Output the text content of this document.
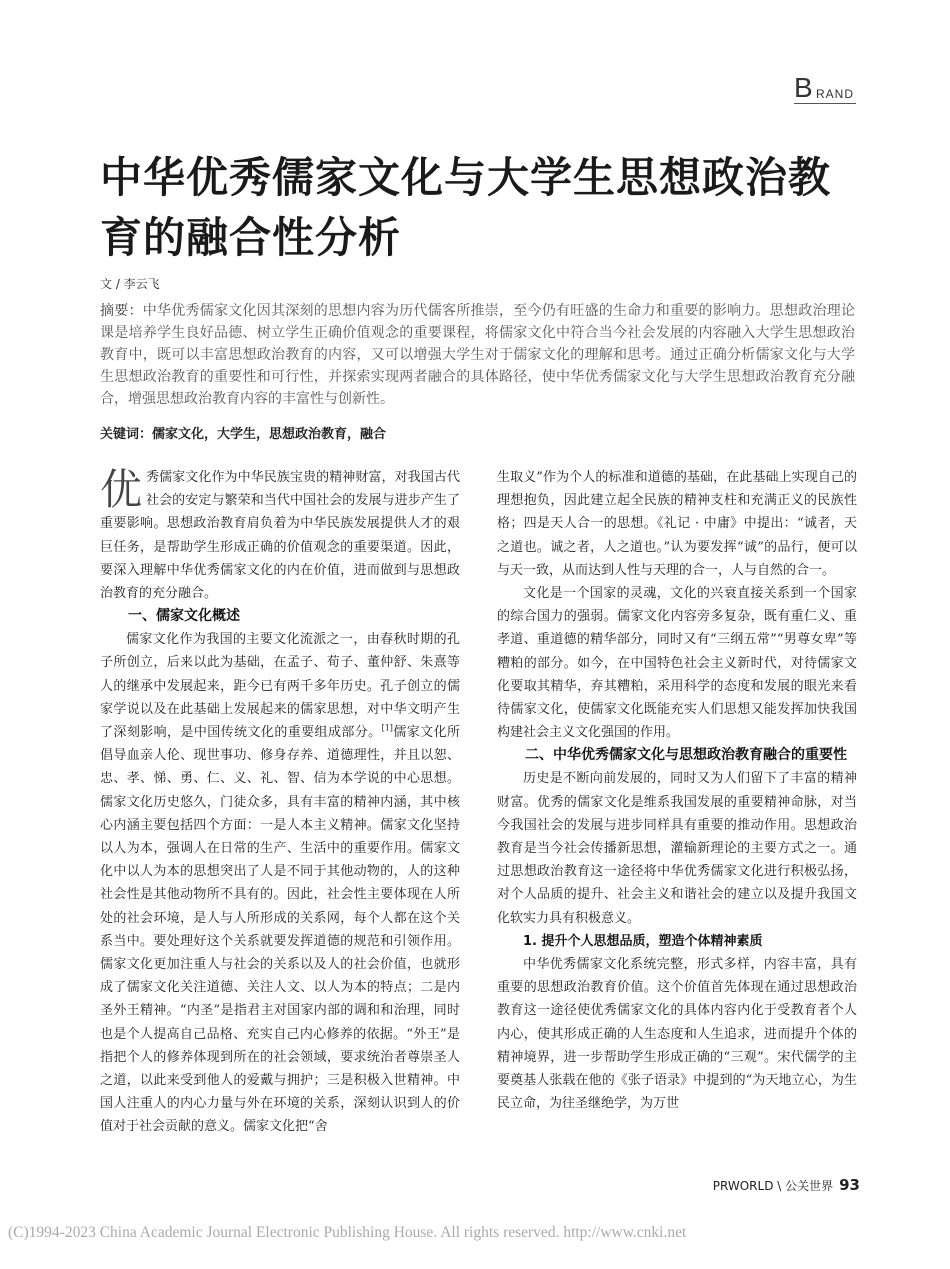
B RAND
中华优秀儒家文化与大学生思想政治教育的融合性分析
文 / 李云飞

摘要：中华优秀儒家文化因其深刻的思想内容为历代儒客所推崇，至今仍有旺盛的生命力和重要的影响力。思想政治理论课是培养学生良好品德、树立学生正确价值观念的重要课程，将儒家文化中符合当今社会发展的内容融入大学生思想政治教育中，既可以丰富思想政治教育的内容，又可以增强大学生对于儒家文化的理解和思考。通过正确分析儒家文化与大学生思想政治教育的重要性和可行性，并探索实现两者融合的具体路径，使中华优秀儒家文化与大学生思想政治教育充分融合，增强思想政治教育内容的丰富性与创新性。

关键词：儒家文化，大学生，思想政治教育，融合

优秀儒家文化作为中华民族宝贵的精神财富，对我国古代社会的安定与繁荣和当代中国社会的发展与进步产生了重要影响。思想政治教育肩负着为中华民族发展提供人才的艰巨任务，是帮助学生形成正确的价值观念的重要渠道。因此，要深入理解中华优秀儒家文化的内在价值，进而做到与思想政治教育的充分融合。

一、儒家文化概述

儒家文化作为我国的主要文化流派之一，由春秋时期的孔子所创立，后来以此为基础，在孟子、荀子、董仲舒、朱熹等人的继承中发展起来，距今已有两千多年历史。孔子创立的儒家学说以及在此基础上发展起来的儒家思想，对中华文明产生了深刻影响，是中国传统文化的重要组成部分。[1]儒家文化所倡导血亲人伦、现世事功、修身存养、道德理性，并且以恕、忠、孝、悌、勇、仁、义、礼、智、信为本学说的中心思想。儒家文化历史悠久，门徒众多，具有丰富的精神内涵，其中核心内涵主要包括四个方面：一是人本主义精神。儒家文化坚持以人为本，强调人在日常的生产、生活中的重要作用。儒家文化中以人为本的思想突出了人是不同于其他动物的，人的这种社会性是其他动物所不具有的。因此，社会性主要体现在人所处的社会环境，是人与人所形成的关系网，每个人都在这个关系当中。要处理好这个关系就要发挥道德的规范和引领作用。儒家文化更加注重人与社会的关系以及人的社会价值，也就形成了儒家文化关注道德、关注人文、以人为本的特点；二是内圣外王精神。“内圣”是指君主对国家内部的调和和治理，同时也是个人提高自己品格、充实自己内心修养的依据。“外王”是指把个人的修养体现到所在的社会领域，要求统治者尊崇圣人之道，以此来受到他人的爱戴与拥护；三是积极入世精神。中国人注重人的内心力量与外在环境的关系，深刻认识到人的价值对于社会贡献的意义。儒家文化把“舍

生取义”作为个人的标准和道德的基础，在此基础上实现自己的理想抱负，因此建立起全民族的精神支柱和充满正义的民族性格；四是天人合一的思想。《礼记 · 中庸》中提出：“诚者，天之道也。诚之者，人之道也。”认为要发挥“诚”的品行，便可以与天一致，从而达到人性与天理的合一，人与自然的合一。

文化是一个国家的灵魂，文化的兴衰直接关系到一个国家的综合国力的强弱。儒家文化内容旁多复杂，既有重仁义、重孝道、重道德的精华部分，同时又有“三纲五常”“男尊女卑”等糟粕的部分。如今，在中国特色社会主义新时代，对待儒家文化要取其精华，弃其糟粕，采用科学的态度和发展的眼光来看待儒家文化，使儒家文化既能充实人们思想又能发挥加快我国构建社会主义文化强国的作用。

二、中华优秀儒家文化与思想政治教育融合的重要性

历史是不断向前发展的，同时又为人们留下了丰富的精神财富。优秀的儒家文化是维系我国发展的重要精神命脉，对当今我国社会的发展与进步同样具有重要的推动作用。思想政治教育是当今社会传播新思想，灌输新理论的主要方式之一。通过思想政治教育这一途径将中华优秀儒家文化进行积极弘扬，对个人品质的提升、社会主义和谐社会的建立以及提升我国文化软实力具有积极意义。

1. 提升个人思想品质，塑造个体精神素质

中华优秀儒家文化系统完整，形式多样，内容丰富，具有重要的思想政治教育价值。这个价值首先体现在通过思想政治教育这一途径使优秀儒家文化的具体内容内化于受教育者个人内心，使其形成正确的人生态度和人生追求，进而提升个体的精神境界，进一步帮助学生形成正确的“三观”。宋代儒学的主要奠基人张载在他的《张子语录》中提到的“为天地立心，为生民立命，为往圣继绝学，为万世

PRWORLD \ 公关世界 93
(C)1994-2023 China Academic Journal Electronic Publishing House. All rights reserved. http://www.cnki.net
